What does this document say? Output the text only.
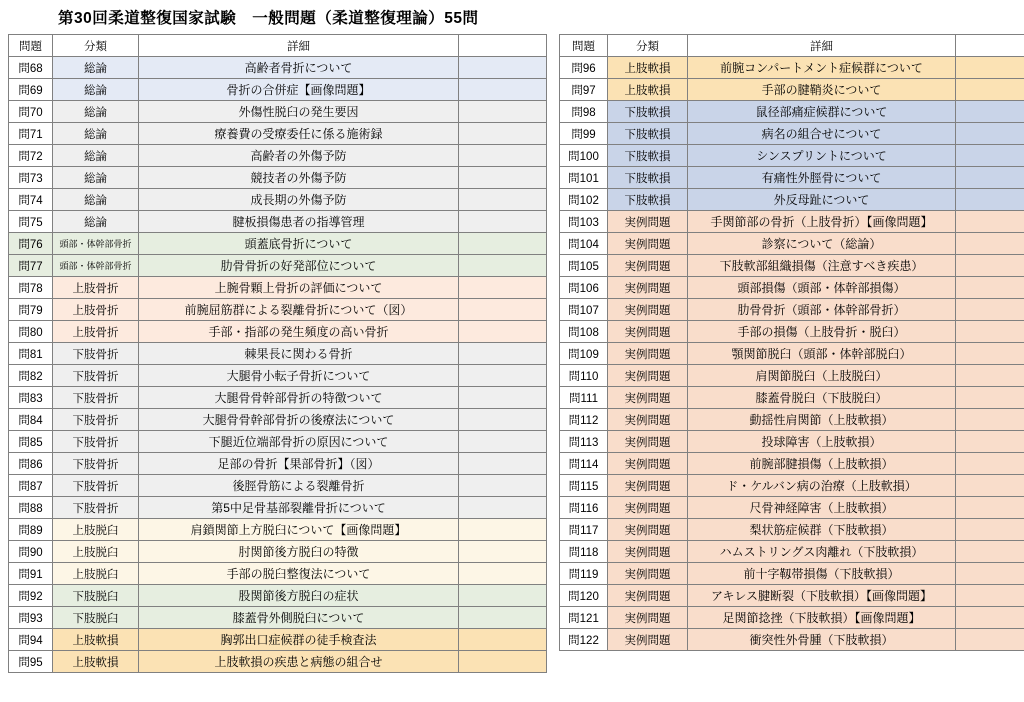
第30回柔道整復国家試験　一般問題（柔道整復理論）55問
問題	分類	詳細	
問68	総論	高齢者骨折について	
問69	総論	骨折の合併症【画像問題】	
問70	総論	外傷性脱臼の発生要因	
問71	総論	療養費の受療委任に係る施術録	
問72	総論	高齢者の外傷予防	
問73	総論	競技者の外傷予防	
問74	総論	成長期の外傷予防	
問75	総論	腱板損傷患者の指導管理	
問76	頭部・体幹部骨折	頭蓋底骨折について	
問77	頭部・体幹部骨折	肋骨骨折の好発部位について	
問78	上肢骨折	上腕骨顆上骨折の評価について	
問79	上肢骨折	前腕屈筋群による裂離骨折について（図）	
問80	上肢骨折	手部・指部の発生頻度の高い骨折	
問81	下肢骨折	棘果長に関わる骨折	
問82	下肢骨折	大腿骨小転子骨折について	
問83	下肢骨折	大腿骨骨幹部骨折の特徴ついて	
問84	下肢骨折	大腿骨骨幹部骨折の後療法について	
問85	下肢骨折	下腿近位端部骨折の原因について	
問86	下肢骨折	足部の骨折【果部骨折】（図）	
問87	下肢骨折	後脛骨筋による裂離骨折	
問88	下肢骨折	第5中足骨基部裂離骨折について	
問89	上肢脱臼	肩鎖関節上方脱臼について【画像問題】	
問90	上肢脱臼	肘関節後方脱臼の特徴	
問91	上肢脱臼	手部の脱臼整復法について	
問92	下肢脱臼	股関節後方脱臼の症状	
問93	下肢脱臼	膝蓋骨外側脱臼について	
問94	上肢軟損	胸郭出口症候群の徒手検査法	
問95	上肢軟損	上肢軟損の疾患と病態の組合せ	
問題	分類	詳細	
問96	上肢軟損	前腕コンパートメント症候群について	
問97	上肢軟損	手部の腱鞘炎について	
問98	下肢軟損	鼠径部痛症候群について	
問99	下肢軟損	病名の組合せについて	
問100	下肢軟損	シンスプリントについて	
問101	下肢軟損	有痛性外脛骨について	
問102	下肢軟損	外反母趾について	
問103	実例問題	手関節部の骨折（上肢骨折）【画像問題】	
問104	実例問題	診察について（総論）	
問105	実例問題	下肢軟部組織損傷（注意すべき疾患）	
問106	実例問題	頭部損傷（頭部・体幹部損傷）	
問107	実例問題	肋骨骨折（頭部・体幹部骨折）	
問108	実例問題	手部の損傷（上肢骨折・脱臼）	
問109	実例問題	顎関節脱臼（頭部・体幹部脱臼）	
問110	実例問題	肩関節脱臼（上肢脱臼）	
問111	実例問題	膝蓋骨脱臼（下肢脱臼）	
問112	実例問題	動揺性肩関節（上肢軟損）	
問113	実例問題	投球障害（上肢軟損）	
問114	実例問題	前腕部腱損傷（上肢軟損）	
問115	実例問題	ド・ケルバン病の治療（上肢軟損）	
問116	実例問題	尺骨神経障害（上肢軟損）	
問117	実例問題	梨状筋症候群（下肢軟損）	
問118	実例問題	ハムストリングス肉離れ（下肢軟損）	
問119	実例問題	前十字靱帯損傷（下肢軟損）	
問120	実例問題	アキレス腱断裂（下肢軟損）【画像問題】	
問121	実例問題	足関節捻挫（下肢軟損）【画像問題】	
問122	実例問題	衝突性外骨腫（下肢軟損）	
